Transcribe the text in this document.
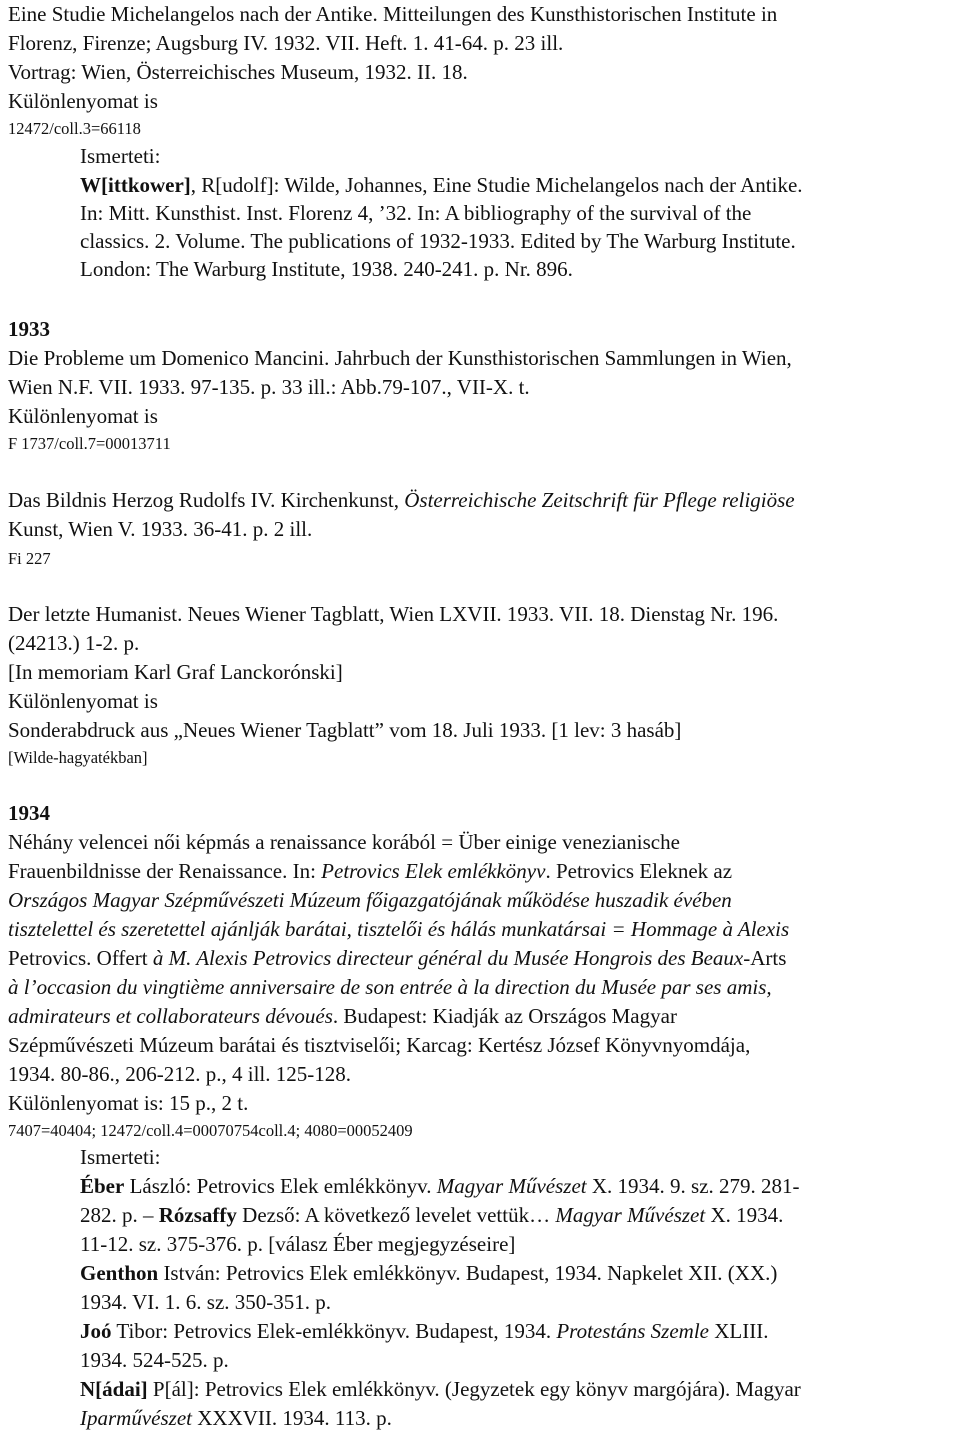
Eine Studie Michelangelos nach der Antike. Mitteilungen des Kunsthistorischen Institute in
Florenz, Firenze; Augsburg IV. 1932. VII. Heft. 1. 41-64. p. 23 ill.
Vortrag: Wien, Österreichisches Museum, 1932. II. 18.
Különlenyomat is
12472/coll.3=66118
Ismerteti:
W[ittkower], R[udolf]: Wilde, Johannes, Eine Studie Michelangelos nach der Antike.
In: Mitt. Kunsthist. Inst. Florenz 4, ’32. In: A bibliography of the survival of the
classics. 2. Volume. The publications of 1932-1933. Edited by The Warburg Institute.
London: The Warburg Institute, 1938. 240-241. p. Nr. 896.
1933
Die Probleme um Domenico Mancini. Jahrbuch der Kunsthistorischen Sammlungen in Wien,
Wien N.F. VII. 1933. 97-135. p. 33 ill.: Abb.79-107., VII-X. t.
Különlenyomat is
F 1737/coll.7=00013711
Das Bildnis Herzog Rudolfs IV. Kirchenkunst, Österreichische Zeitschrift für Pflege religiöse
Kunst, Wien V. 1933. 36-41. p. 2 ill.
Fi 227
Der letzte Humanist. Neues Wiener Tagblatt, Wien LXVII. 1933. VII. 18. Dienstag Nr. 196.
(24213.) 1-2. p.
[In memoriam Karl Graf Lanckorónski]
Különlenyomat is
Sonderabdruck aus „Neues Wiener Tagblatt” vom 18. Juli 1933. [1 lev: 3 hasáb]
[Wilde-hagyatékban]
1934
Néhány velencei női képmás a renaissance korából = Über einige venezianische
Frauenbildnisse der Renaissance. In: Petrovics Elek emlékkönyv. Petrovics Eleknek az
Országos Magyar Szépművészeti Múzeum főigazgatójának működése huszadik évében
tisztelettel és szeretettel ajánlják barátai, tisztelői és hálás munkatársai = Hommage à Alexis
Petrovics. Offert à M. Alexis Petrovics directeur général du Musée Hongrois des Beaux-Arts
à l’occasion du vingtième anniversaire de son entrée à la direction du Musée par ses amis,
admirateurs et collaborateurs dévoués. Budapest: Kiadják az Országos Magyar
Szépművészeti Múzeum barátai és tisztviselői; Karcag: Kertész József Könyvnyomdája,
1934. 80-86., 206-212. p., 4 ill. 125-128.
Különlenyomat is: 15 p., 2 t.
7407=40404; 12472/coll.4=00070754coll.4; 4080=00052409
Ismerteti:
Éber László: Petrovics Elek emlékkönyv. Magyar Művészet X. 1934. 9. sz. 279. 281-
282. p. – Rózsaffy Dezső: A következő levelet vettük… Magyar Művészet X. 1934.
11-12. sz. 375-376. p. [válasz Éber megjegyzéseire]
Genthon István: Petrovics Elek emlékkönyv. Budapest, 1934. Napkelet XII. (XX.)
1934. VI. 1. 6. sz. 350-351. p.
Joó Tibor: Petrovics Elek-emlékkönyv. Budapest, 1934. Protestáns Szemle XLIII.
1934. 524-525. p.
N[ádai] P[ál]: Petrovics Elek emlékkönyv. (Jegyzetek egy könyv margójára). Magyar
Iparművészet XXXVII. 1934. 113. p.
